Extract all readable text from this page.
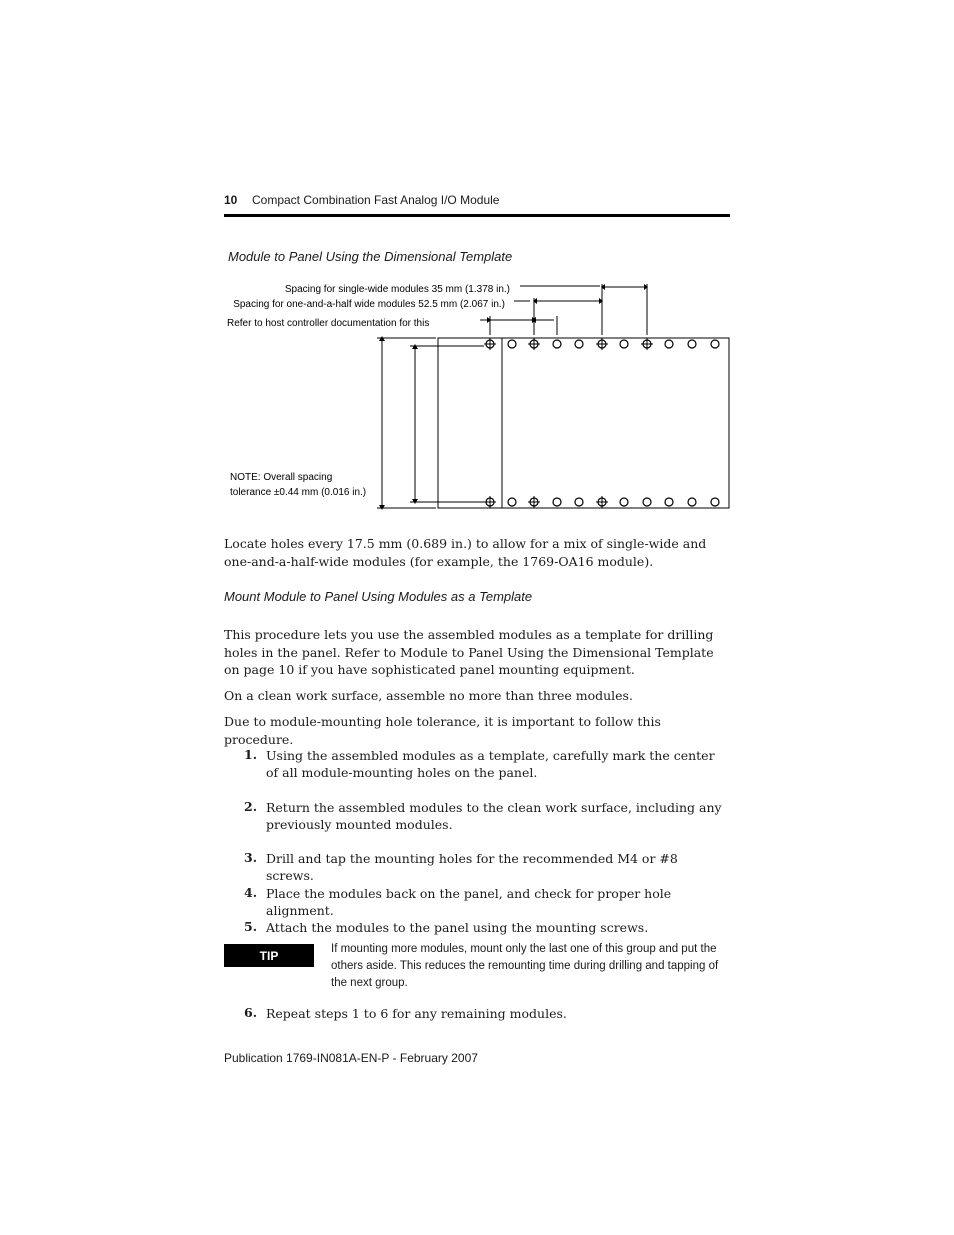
10 Compact Combination Fast Analog I/O Module
Module to Panel Using the Dimensional Template
Spacing for single-wide modules 35 mm (1.378 in.)
Spacing for one-and-a-half wide modules 52.5 mm (2.067 in.)
Refer to host controller documentation for this
NOTE: Overall spacing
tolerance ±0.44 mm (0.016 in.)
Locate holes every 17.5 mm (0.689 in.) to allow for a mix of single-wide and one-and-a-half-wide modules (for example, the 1769-OA16 module).
Mount Module to Panel Using Modules as a Template
This procedure lets you use the assembled modules as a template for drilling holes in the panel. Refer to Module to Panel Using the Dimensional Template on page 10 if you have sophisticated panel mounting equipment.
On a clean work surface, assemble no more than three modules.
Due to module-mounting hole tolerance, it is important to follow this procedure.
1. Using the assembled modules as a template, carefully mark the center of all module-mounting holes on the panel.
2. Return the assembled modules to the clean work surface, including any previously mounted modules.
3. Drill and tap the mounting holes for the recommended M4 or #8 screws.
4. Place the modules back on the panel, and check for proper hole alignment.
5. Attach the modules to the panel using the mounting screws.
TIP	If mounting more modules, mount only the last one of this group and put the others aside. This reduces the remounting time during drilling and tapping of the next group.
6. Repeat steps 1 to 6 for any remaining modules.
Publication 1769-IN081A-EN-P - February 2007
